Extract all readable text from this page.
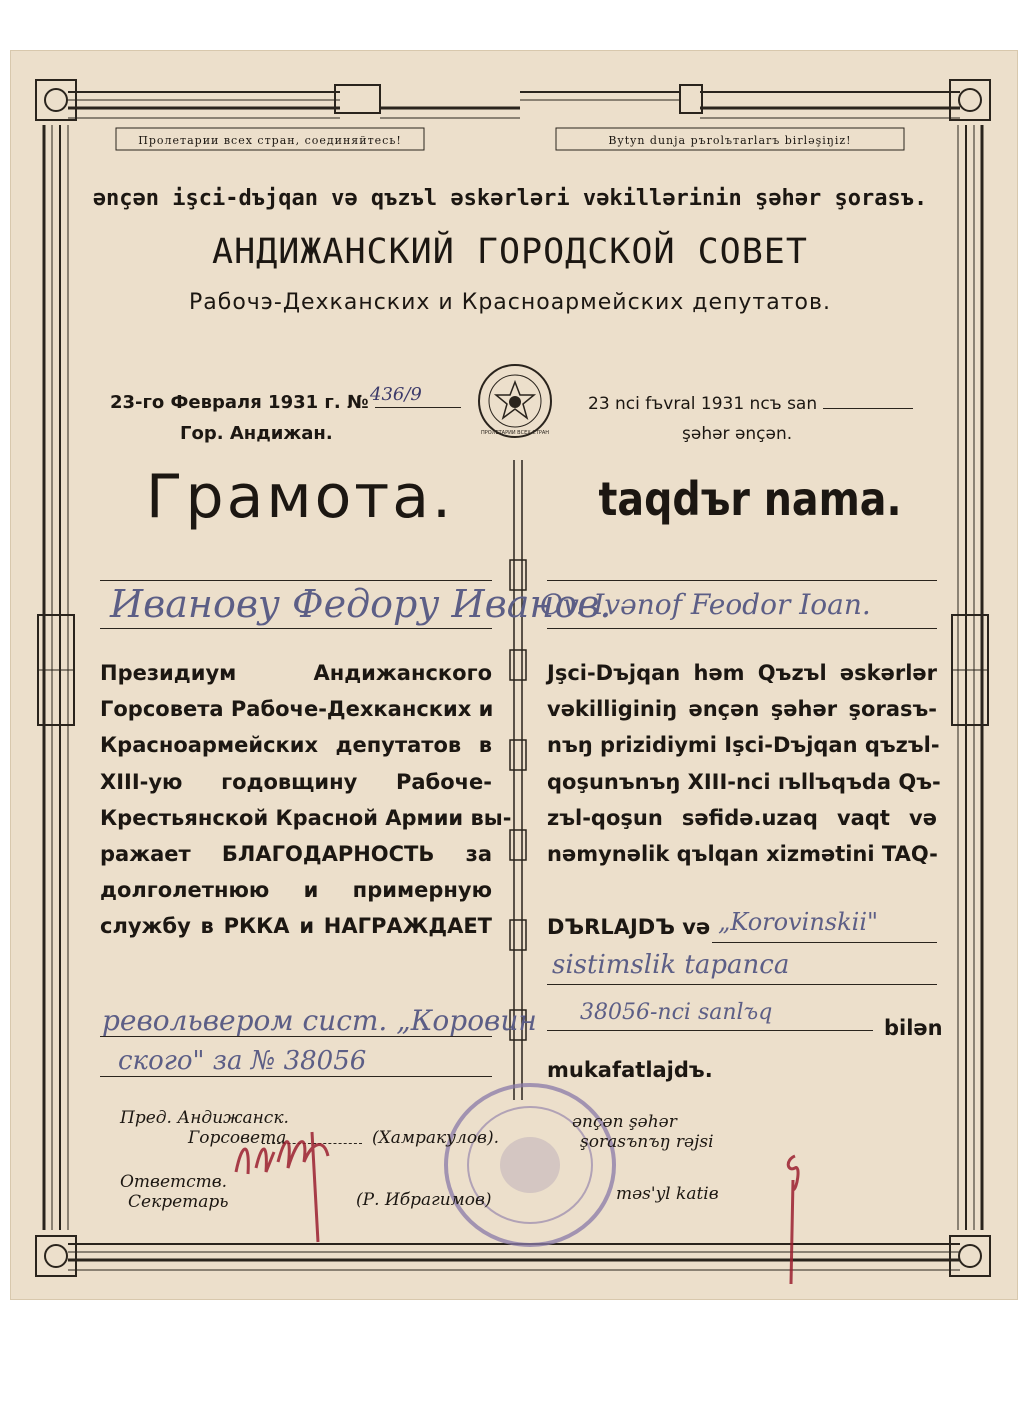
Пролетарии всех стран, соединяйтесь!	Bytyn dunja pъrolътarlarъ birləşiŋiz!
ənçən işci-dъjqan və qъzъl əskərləri vəkillərinin şəhər şorasъ.
АНДИЖАНСКИЙ ГОРОДСКОЙ СОВЕТ
Рабочэ-Дехканских и Красноармейских депутатов.
23-го Февраля 1931 г. № 436/9
Гор. Андижан.	ПРОЛЕТАРИИ ВСЕХ СТРАН
23 nci fъvral 1931 ncъ san
şəhər ənçən.
Грамота.	taqdъr nama.
Иванову Федору Иванов.
Ov. Ivənof Feodor Ioan.
Президиум Андижанского
Горсовета Рабоче-Дехканских и
Красноармейских депутатов в
XIII-ую годовщину Рабоче-
Крестьянской Красной Армии вы-
ражает БЛАГОДАРНОСТЬ за
долголетнюю и примерную
службу в РККА и НАГРАЖДАЕТ
револьвером сист. „Коровин
ского" за № 38056
Jşci-Dъjqan həm Qъzъl əskərlər
vəkilliginiŋ ənçən şəhər şorasъ-
nъŋ prizidiymi Işci-Dъjqan qъzъl-
qoşunъnъŋ XIII-nci ıъllъqъda Qъ-
zъl-qoşun səfidə.uzaq vaqt və
nəmynəlik qъlqan xizmətini TAQ-
DЪRLAJDЪ və „Korovinskii"
sistimslik tapanca
38056-nci sanlъq
bilən
mukafatlajdъ.
Пред. Андижанск.
Горсовета	(Хамракулов).
Ответств.
Секретарь	(Р. Ибрагимов)
ənçən şəhər
şorasъnъŋ rəjsi
məs'yl katiв
